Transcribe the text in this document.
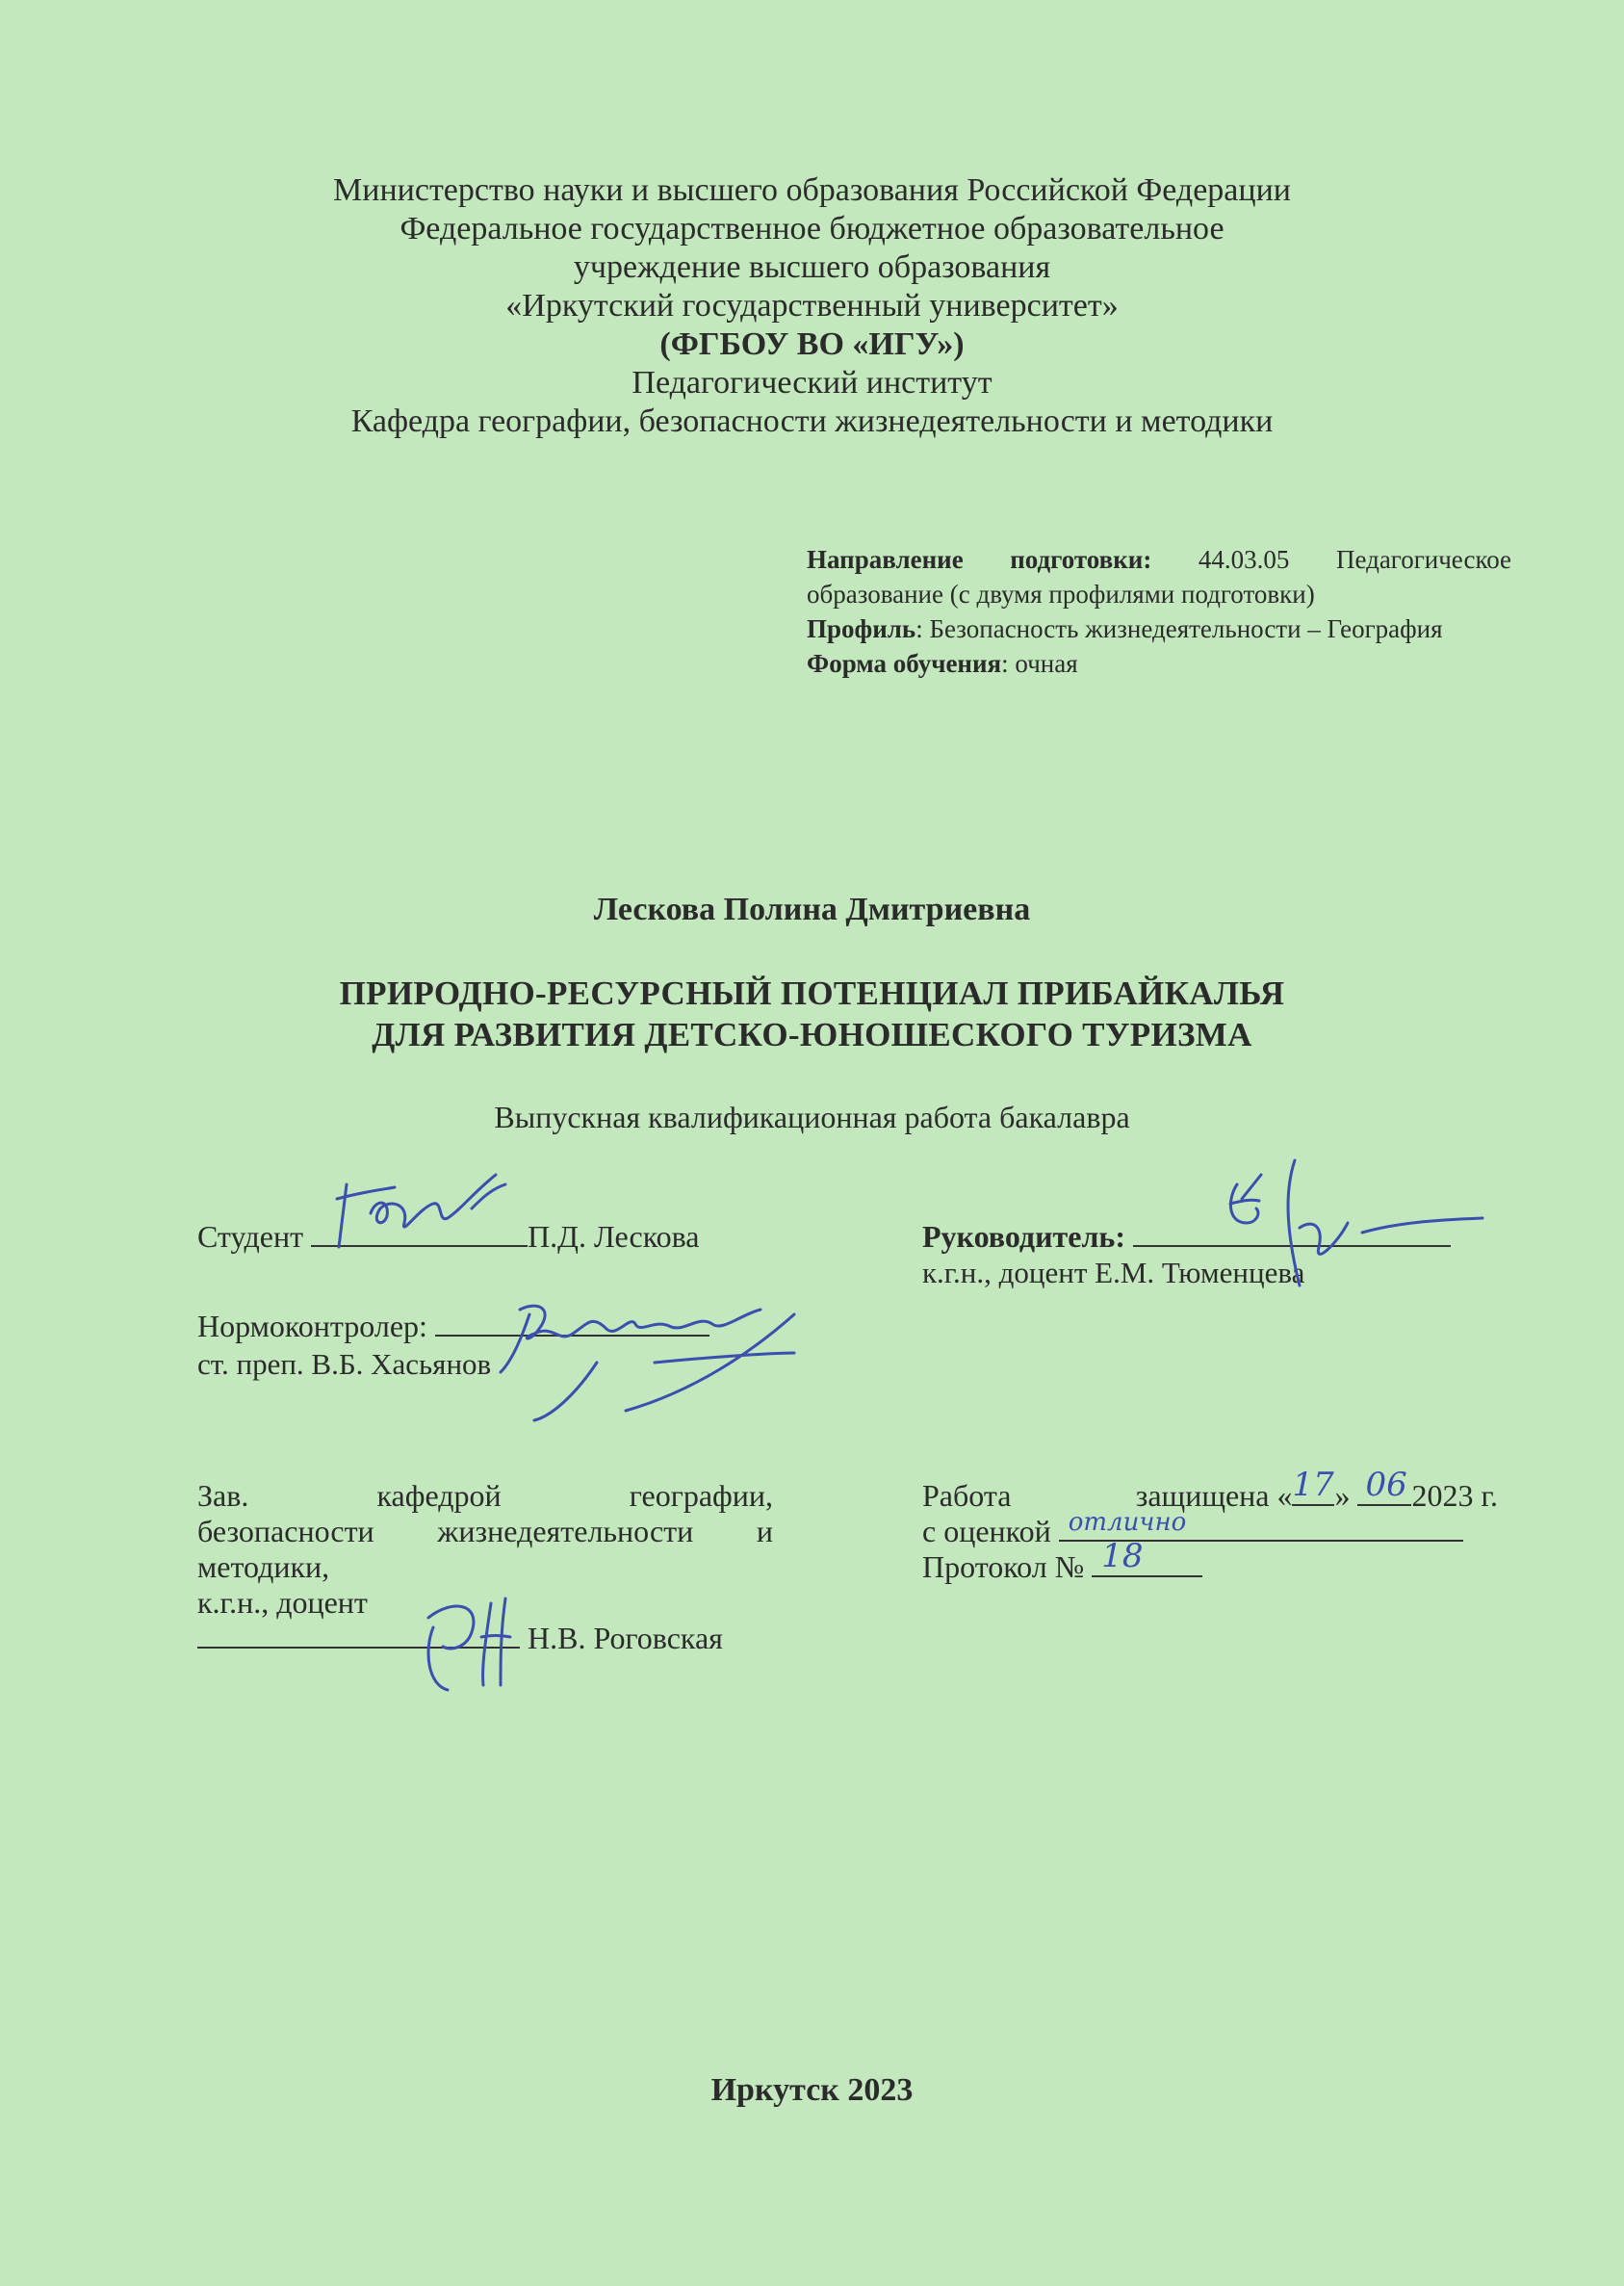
Министерство науки и высшего образования Российской Федерации
Федеральное государственное бюджетное образовательное
учреждение высшего образования
«Иркутский государственный университет»
(ФГБОУ ВО «ИГУ»)
Педагогический институт
Кафедра географии, безопасности жизнедеятельности и методики
Направление подготовки: 44.03.05 Педагогическое образование (с двумя профилями подготовки)
Профиль: Безопасность жизнедеятельности – География
Форма обучения: очная
Лескова Полина Дмитриевна
ПРИРОДНО-РЕСУРСНЫЙ ПОТЕНЦИАЛ ПРИБАЙКАЛЬЯ
ДЛЯ РАЗВИТИЯ ДЕТСКО-ЮНОШЕСКОГО ТУРИЗМА
Выпускная квалификационная работа бакалавра
Студент	П.Д. Лескова	Руководитель:
к.г.н., доцент Е.М. Тюменцева
Нормоконтролер:
ст. преп. В.Б. Хасьянов
Зав.	кафедрой	географии,
безопасности жизнедеятельности и
методики,
к.г.н., доцент
Н.В. Роговская
Работа	защищена « 17 » 06 2023 г.
с оценкой отлично
Протокол № 18
Иркутск 2023
